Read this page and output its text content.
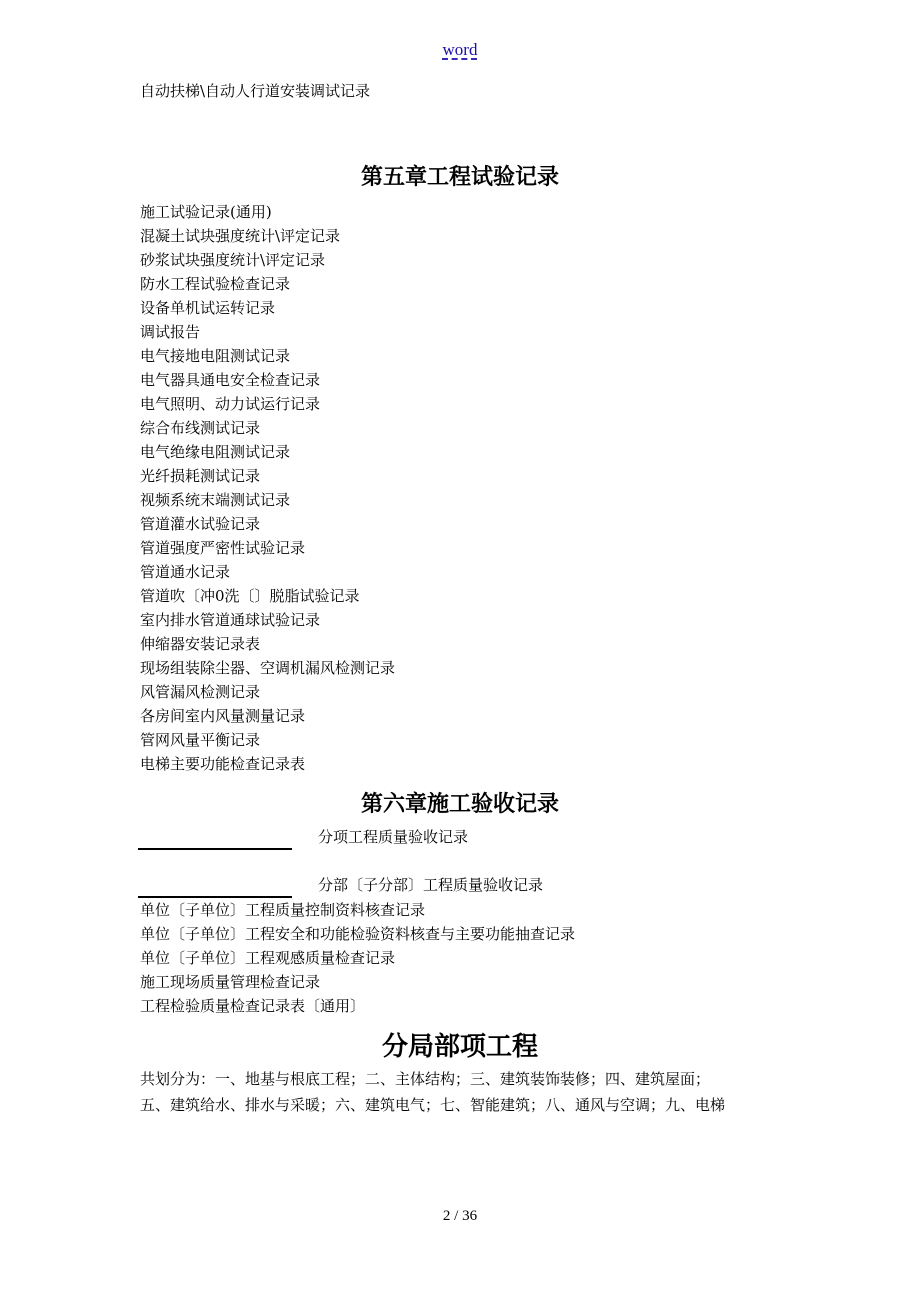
word
自动扶梯\自动人行道安装调试记录
第五章工程试验记录
施工试验记录(通用)
混凝土试块强度统计\评定记录
砂浆试块强度统计\评定记录
防水工程试验检查记录
设备单机试运转记录
调试报告
电气接地电阻测试记录
电气器具通电安全检查记录
电气照明、动力试运行记录
综合布线测试记录
电气绝缘电阻测试记录
光纤损耗测试记录
视频系统末端测试记录
管道灌水试验记录
管道强度严密性试验记录
管道通水记录
管道吹〔冲0洗〔〕脱脂试验记录
室内排水管道通球试验记录
伸缩器安装记录表
现场组装除尘器、空调机漏风检测记录
风管漏风检测记录
各房间室内风量测量记录
管网风量平衡记录
电梯主要功能检查记录表
第六章施工验收记录
分项工程质量验收记录
分部〔子分部〕工程质量验收记录
单位〔子单位〕工程质量控制资料核查记录
单位〔子单位〕工程安全和功能检验资料核查与主要功能抽查记录
单位〔子单位〕工程观感质量检查记录
施工现场质量管理检查记录
工程检验质量检查记录表〔通用〕
分局部项工程
共划分为：一、地基与根底工程；二、主体结构；三、建筑装饰装修；四、建筑屋面；
五、建筑给水、排水与采暖；六、建筑电气；七、智能建筑；八、通风与空调；九、电梯
2 / 36
